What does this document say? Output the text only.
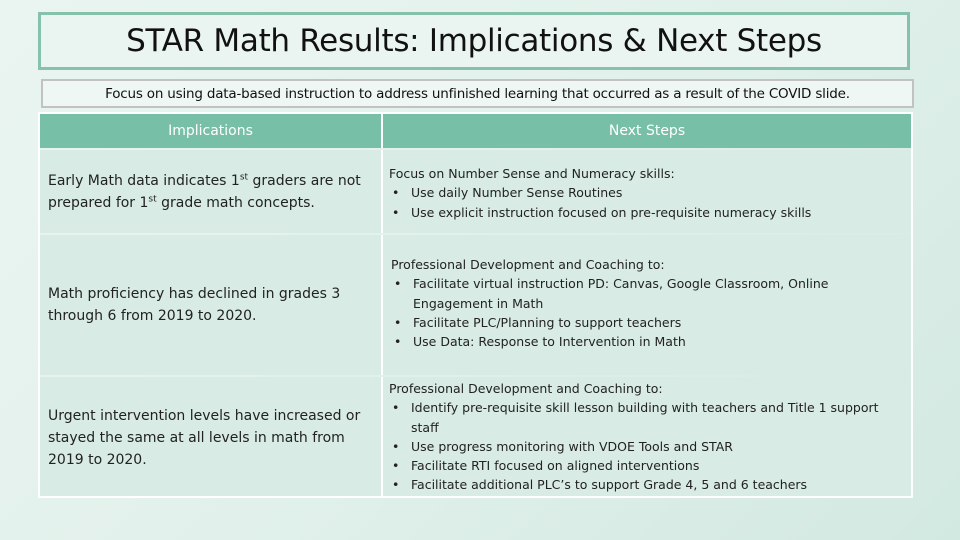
STAR Math Results: Implications & Next Steps
Focus on using data-based instruction to address unfinished learning that occurred as a result of the COVID slide.
Implications	Next Steps
Early Math data indicates 1st graders are not prepared for 1st grade math concepts.
Focus on Number Sense and Numeracy skills:
• Use daily Number Sense Routines
• Use explicit instruction focused on pre-requisite numeracy skills
Math proficiency has declined in grades 3 through 6 from 2019 to 2020.
Professional Development and Coaching to:
• Facilitate virtual instruction PD: Canvas, Google Classroom, Online Engagement in Math
• Facilitate PLC/Planning to support teachers
• Use Data: Response to Intervention in Math
Urgent intervention levels have increased or stayed the same at all levels in math from 2019 to 2020.
Professional Development and Coaching to:
• Identify pre-requisite skill lesson building with teachers and Title 1 support staff
• Use progress monitoring with VDOE Tools and STAR
• Facilitate RTI focused on aligned interventions
• Facilitate additional PLC’s to support Grade 4, 5 and 6 teachers
